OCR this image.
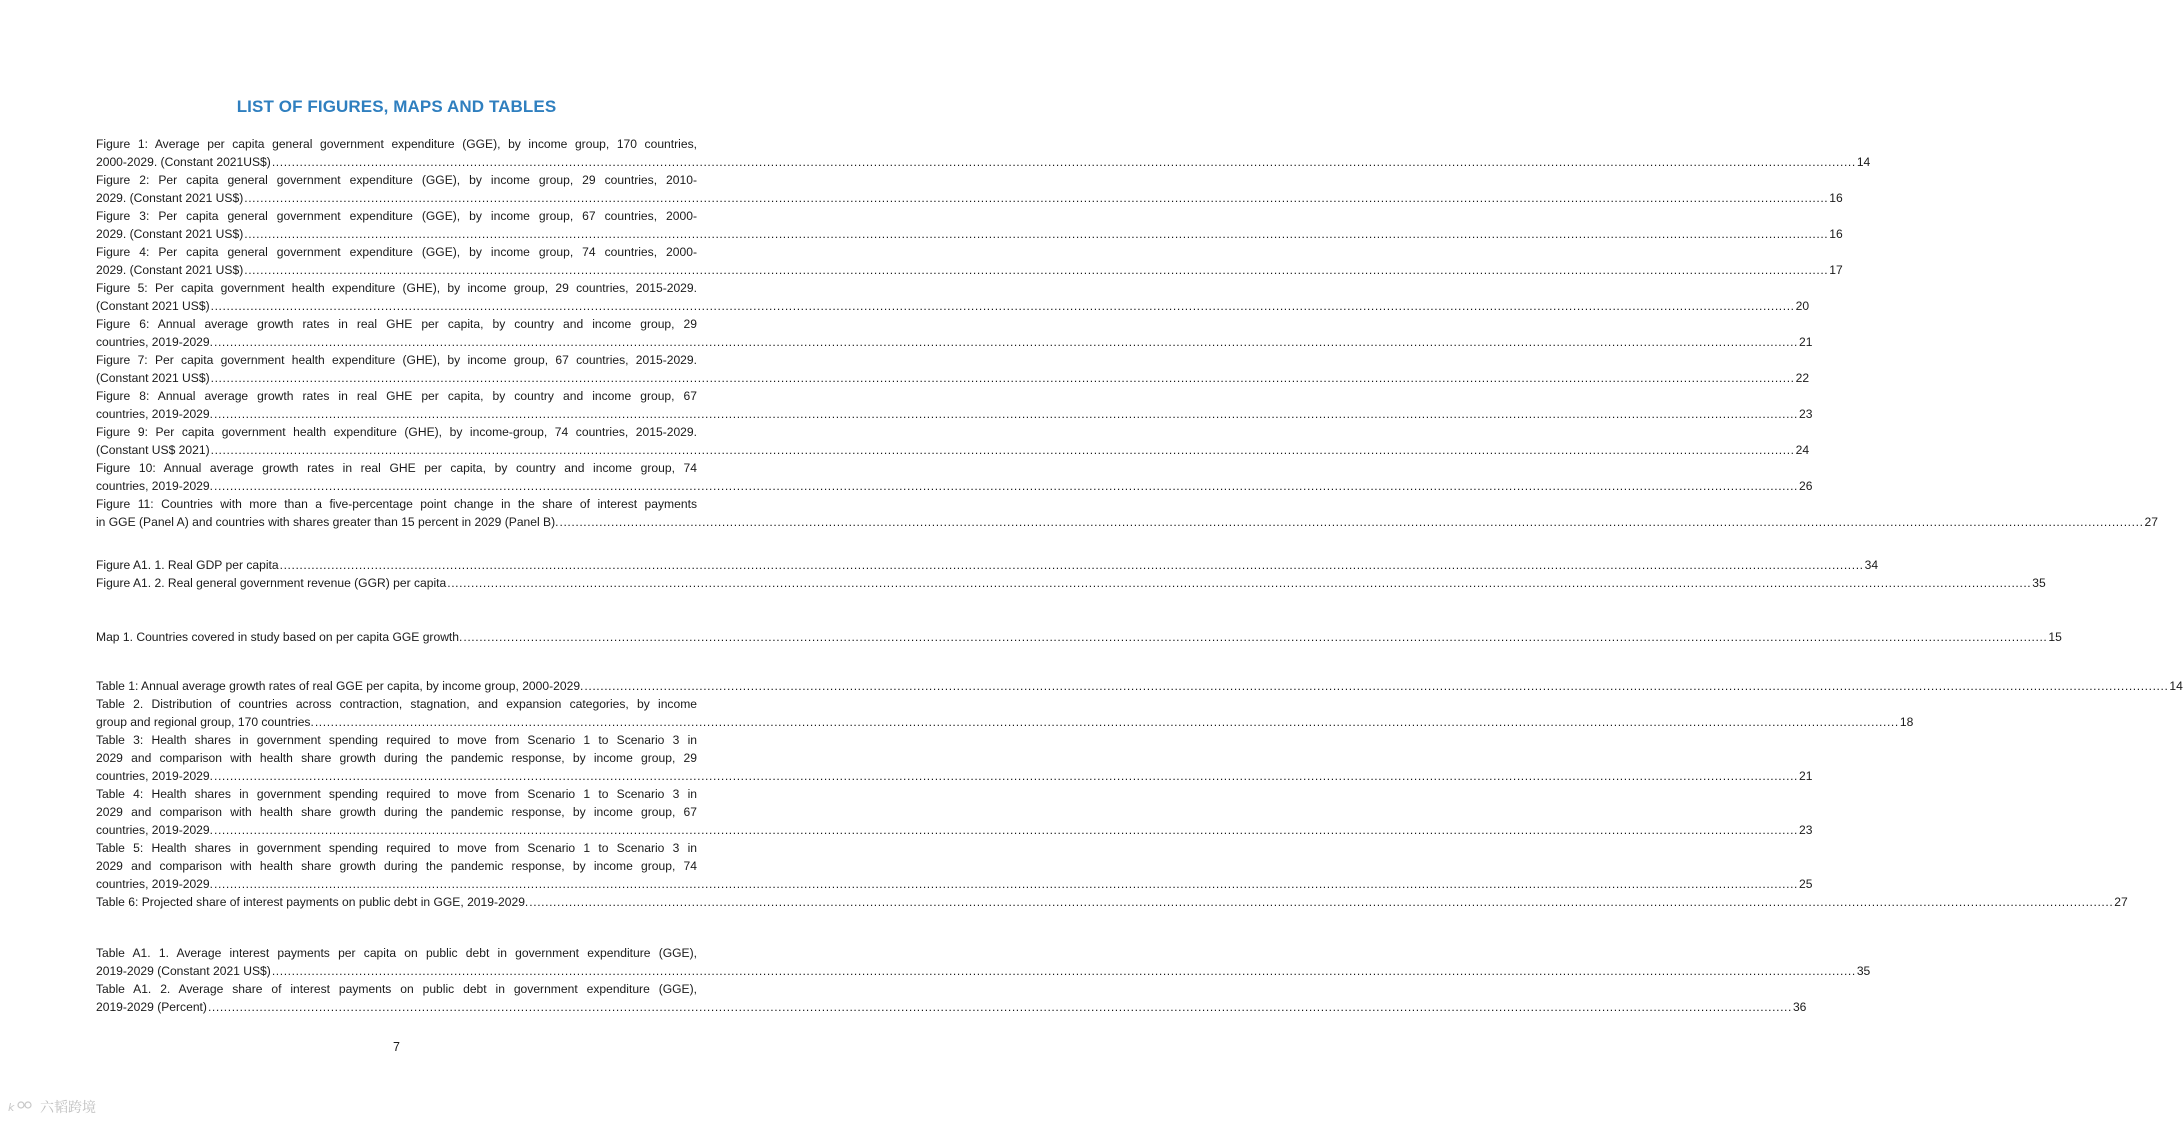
LIST OF FIGURES, MAPS AND TABLES
Figure 1: Average per capita general government expenditure (GGE), by income group, 170 countries,
2000-2029. (Constant 2021US$) ................................................................................................................................................................................................................................................................................................................................................................................................................ 14
Figure 2: Per capita general government expenditure (GGE), by income group, 29 countries, 2010-
2029. (Constant 2021 US$) ................................................................................................................................................................................................................................................................................................................................................................................................................ 16
Figure 3: Per capita general government expenditure (GGE), by income group, 67 countries, 2000-
2029. (Constant 2021 US$) ................................................................................................................................................................................................................................................................................................................................................................................................................ 16
Figure 4: Per capita general government expenditure (GGE), by income group, 74 countries, 2000-
2029. (Constant 2021 US$) ................................................................................................................................................................................................................................................................................................................................................................................................................ 17
Figure 5: Per capita government health expenditure (GHE), by income group, 29 countries, 2015-2029.
(Constant 2021 US$) ................................................................................................................................................................................................................................................................................................................................................................................................................ 20
Figure 6: Annual average growth rates in real GHE per capita, by country and income group, 29
countries, 2019-2029. ................................................................................................................................................................................................................................................................................................................................................................................................................ 21
Figure 7: Per capita government health expenditure (GHE), by income group, 67 countries, 2015-2029.
(Constant 2021 US$) ................................................................................................................................................................................................................................................................................................................................................................................................................ 22
Figure 8: Annual average growth rates in real GHE per capita, by country and income group, 67
countries, 2019-2029. ................................................................................................................................................................................................................................................................................................................................................................................................................ 23
Figure 9: Per capita government health expenditure (GHE), by income-group, 74 countries, 2015-2029.
(Constant US$ 2021) ................................................................................................................................................................................................................................................................................................................................................................................................................ 24
Figure 10: Annual average growth rates in real GHE per capita, by country and income group, 74
countries, 2019-2029. ................................................................................................................................................................................................................................................................................................................................................................................................................ 26
Figure 11: Countries with more than a five-percentage point change in the share of interest payments
in GGE (Panel A) and countries with shares greater than 15 percent in 2029 (Panel B). ................................................................................................................................................................................................................................................................................................................................................................................................................ 27
Figure A1. 1. Real GDP per capita ................................................................................................................................................................................................................................................................................................................................................................................................................ 34
Figure A1. 2. Real general government revenue (GGR) per capita ................................................................................................................................................................................................................................................................................................................................................................................................................ 35
Map 1. Countries covered in study based on per capita GGE growth. ................................................................................................................................................................................................................................................................................................................................................................................................................ 15
Table 1: Annual average growth rates of real GGE per capita, by income group, 2000-2029. ................................................................................................................................................................................................................................................................................................................................................................................................................ 14
Table 2. Distribution of countries across contraction, stagnation, and expansion categories, by income
group and regional group, 170 countries. ................................................................................................................................................................................................................................................................................................................................................................................................................ 18
Table 3: Health shares in government spending required to move from Scenario 1 to Scenario 3 in
2029 and comparison with health share growth during the pandemic response, by income group, 29
countries, 2019-2029. ................................................................................................................................................................................................................................................................................................................................................................................................................ 21
Table 4: Health shares in government spending required to move from Scenario 1 to Scenario 3 in
2029 and comparison with health share growth during the pandemic response, by income group, 67
countries, 2019-2029. ................................................................................................................................................................................................................................................................................................................................................................................................................ 23
Table 5: Health shares in government spending required to move from Scenario 1 to Scenario 3 in
2029 and comparison with health share growth during the pandemic response, by income group, 74
countries, 2019-2029. ................................................................................................................................................................................................................................................................................................................................................................................................................ 25
Table 6: Projected share of interest payments on public debt in GGE, 2019-2029. ................................................................................................................................................................................................................................................................................................................................................................................................................ 27
Table A1. 1. Average interest payments per capita on public debt in government expenditure (GGE),
2019-2029 (Constant 2021 US$) ................................................................................................................................................................................................................................................................................................................................................................................................................ 35
Table A1. 2. Average share of interest payments on public debt in government expenditure (GGE),
2019-2029 (Percent) ................................................................................................................................................................................................................................................................................................................................................................................................................ 36
7
k 六韬跨境
